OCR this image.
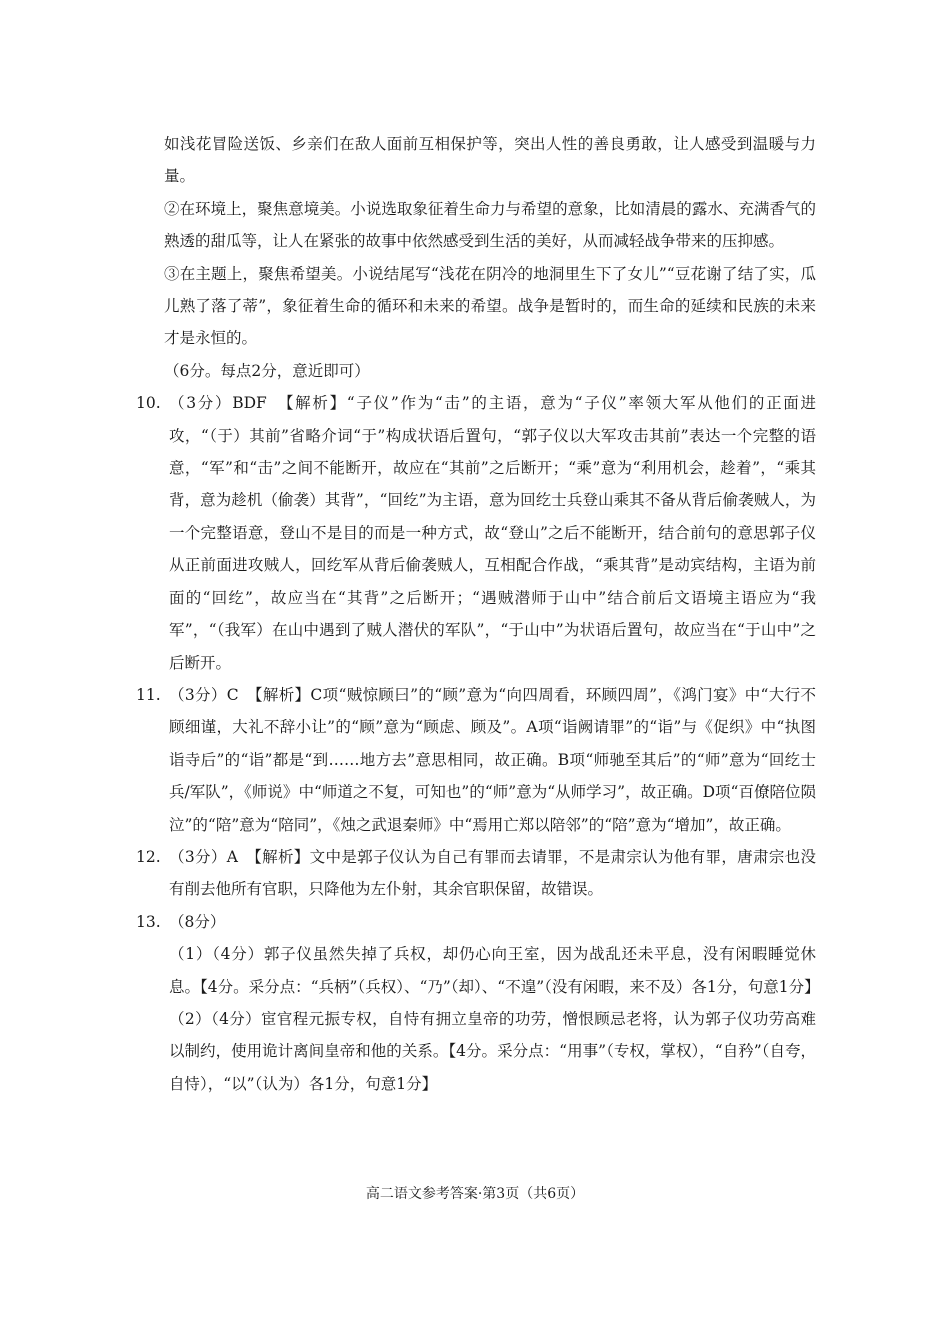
如浅花冒险送饭、乡亲们在敌人面前互相保护等，突出人性的善良勇敢，让人感受到温暖与力量。

②在环境上，聚焦意境美。小说选取象征着生命力与希望的意象，比如清晨的露水、充满香气的熟透的甜瓜等，让人在紧张的故事中依然感受到生活的美好，从而减轻战争带来的压抑感。

③在主题上，聚焦希望美。小说结尾写“浅花在阴冷的地洞里生下了女儿”“豆花谢了结了实，瓜儿熟了落了蒂”，象征着生命的循环和未来的希望。战争是暂时的，而生命的延续和民族的未来才是永恒的。

（6分。每点2分，意近即可）

10. （3分）BDF　【解析】“子仪”作为“击”的主语，意为“子仪”率领大军从他们的正面进攻，“（于）其前”省略介词“于”构成状语后置句，“郭子仪以大军攻击其前”表达一个完整的语意，“军”和“击”之间不能断开，故应在“其前”之后断开；“乘”意为“利用机会，趁着”，“乘其背，意为趁机（偷袭）其背”，“回纥”为主语，意为回纥士兵登山乘其不备从背后偷袭贼人，为一个完整语意，登山不是目的而是一种方式，故“登山”之后不能断开，结合前句的意思郭子仪从正前面进攻贼人，回纥军从背后偷袭贼人，互相配合作战，“乘其背”是动宾结构，主语为前面的“回纥”，故应当在“其背”之后断开；“遇贼潜师于山中”结合前后文语境主语应为“我军”，“（我军）在山中遇到了贼人潜伏的军队”，“于山中”为状语后置句，故应当在“于山中”之后断开。

11. （3分）C　【解析】C项“贼惊顾曰”的“顾”意为“向四周看，环顾四周”，《鸿门宴》中“大行不顾细谨，大礼不辞小让”的“顾”意为“顾虑、顾及”。A项“诣阙请罪”的“诣”与《促织》中“执图诣寺后”的“诣”都是“到……地方去”意思相同，故正确。B项“师驰至其后”的“师”意为“回纥士兵/军队”，《师说》中“师道之不复，可知也”的“师”意为“从师学习”，故正确。D项“百僚陪位陨泣”的“陪”意为“陪同”，《烛之武退秦师》中“焉用亡郑以陪邻”的“陪”意为“增加”，故正确。

12. （3分）A　【解析】文中是郭子仪认为自己有罪而去请罪，不是肃宗认为他有罪，唐肃宗也没有削去他所有官职，只降他为左仆射，其余官职保留，故错误。

13. （8分）

（1）（4分）郭子仪虽然失掉了兵权，却仍心向王室，因为战乱还未平息，没有闲暇睡觉休息。【4分。采分点：“兵柄”（兵权）、“乃”（却）、“不遑”（没有闲暇，来不及）各1分，句意1分】

（2）（4分）宦官程元振专权，自恃有拥立皇帝的功劳，憎恨顾忌老将，认为郭子仪功劳高难以制约，使用诡计离间皇帝和他的关系。【4分。采分点：“用事”（专权，掌权），“自矜”（自夸，自恃），“以”（认为）各1分，句意1分】

高二语文参考答案·第3页（共6页）
